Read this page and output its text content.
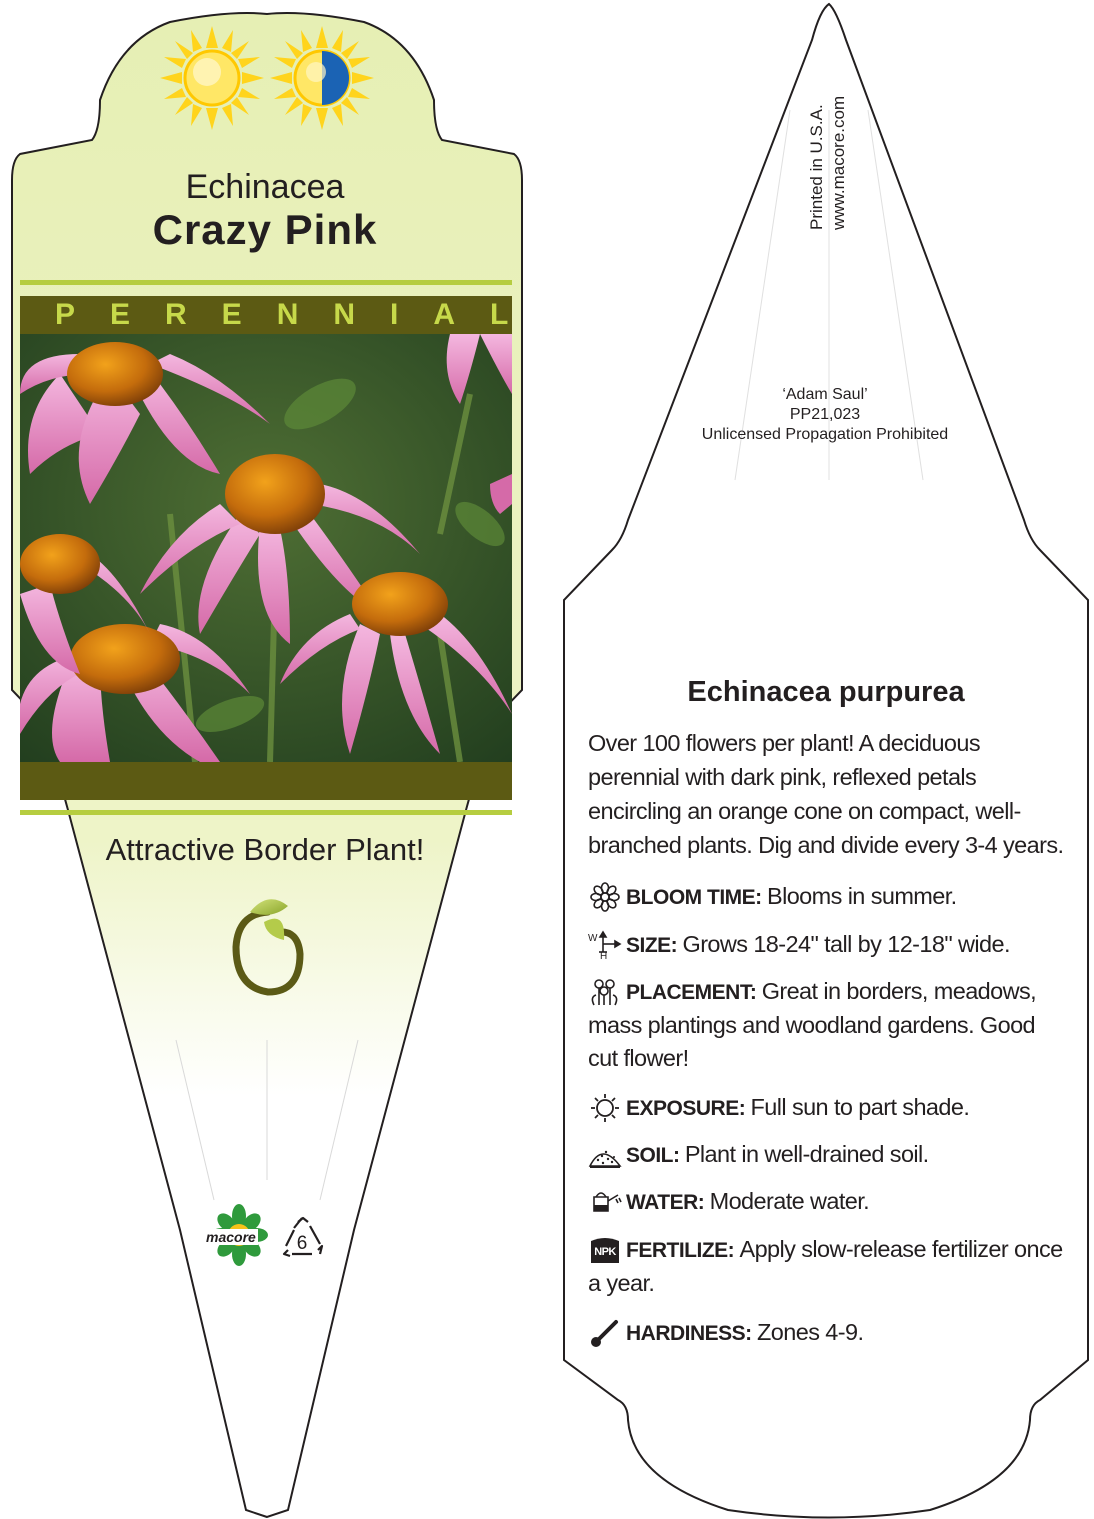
Echinacea
Crazy Pink
PERENNIAL
Attractive Border Plant!
macore 6
Printed in U.S.A. www.macore.com
‘Adam Saul’
PP21,023
Unlicensed Propagation Prohibited
Echinacea purpurea
Over 100 flowers per plant! A deciduous perennial with dark pink, reflexed petals encircling an orange cone on compact, well-branched plants. Dig and divide every 3-4 years.
BLOOM TIME: Blooms in summer.
W
H SIZE: Grows 18-24" tall by 12-18" wide.
PLACEMENT: Great in borders, meadows, mass plantings and woodland gardens. Good cut flower!
EXPOSURE: Full sun to part shade.
SOIL: Plant in well-drained soil.
WATER: Moderate water.
NPK FERTILIZE: Apply slow-release fertilizer once a year.
HARDINESS: Zones 4-9.
